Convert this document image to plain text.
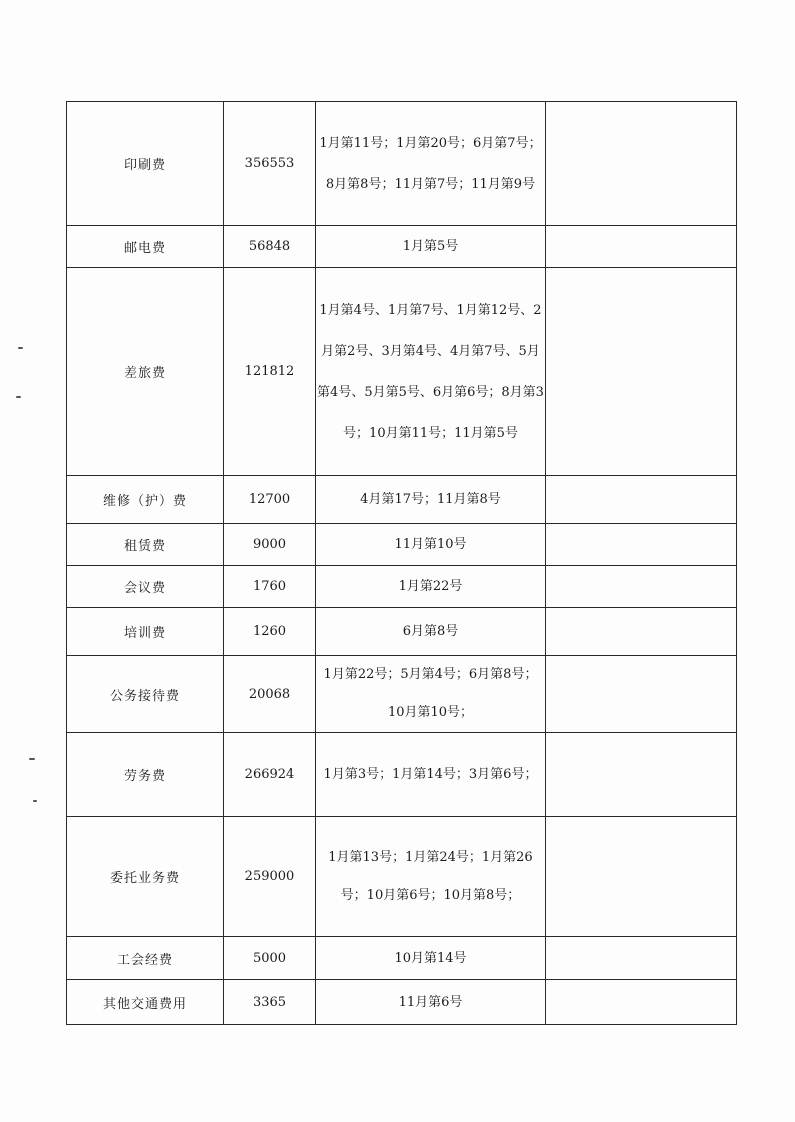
印刷费	356553	1月第11号；1月第20号；6月第7号；8月第8号；11月第7号；11月第9号	
邮电费	56848	1月第5号	
差旅费	121812	1月第4号、1月第7号、1月第12号、2月第2号、3月第4号、4月第7号、5月第4号、5月第5号、6月第6号；8月第3号；10月第11号；11月第5号	
维修（护）费	12700	4月第17号；11月第8号	
租赁费	9000	11月第10号	
会议费	1760	1月第22号	
培训费	1260	6月第8号	
公务接待费	20068	1月第22号；5月第4号；6月第8号；10月第10号；	
劳务费	266924	1月第3号；1月第14号；3月第6号；	
委托业务费	259000	1月第13号；1月第24号；1月第26号；10月第6号；10月第8号；	
工会经费	5000	10月第14号	
其他交通费用	3365	11月第6号	
